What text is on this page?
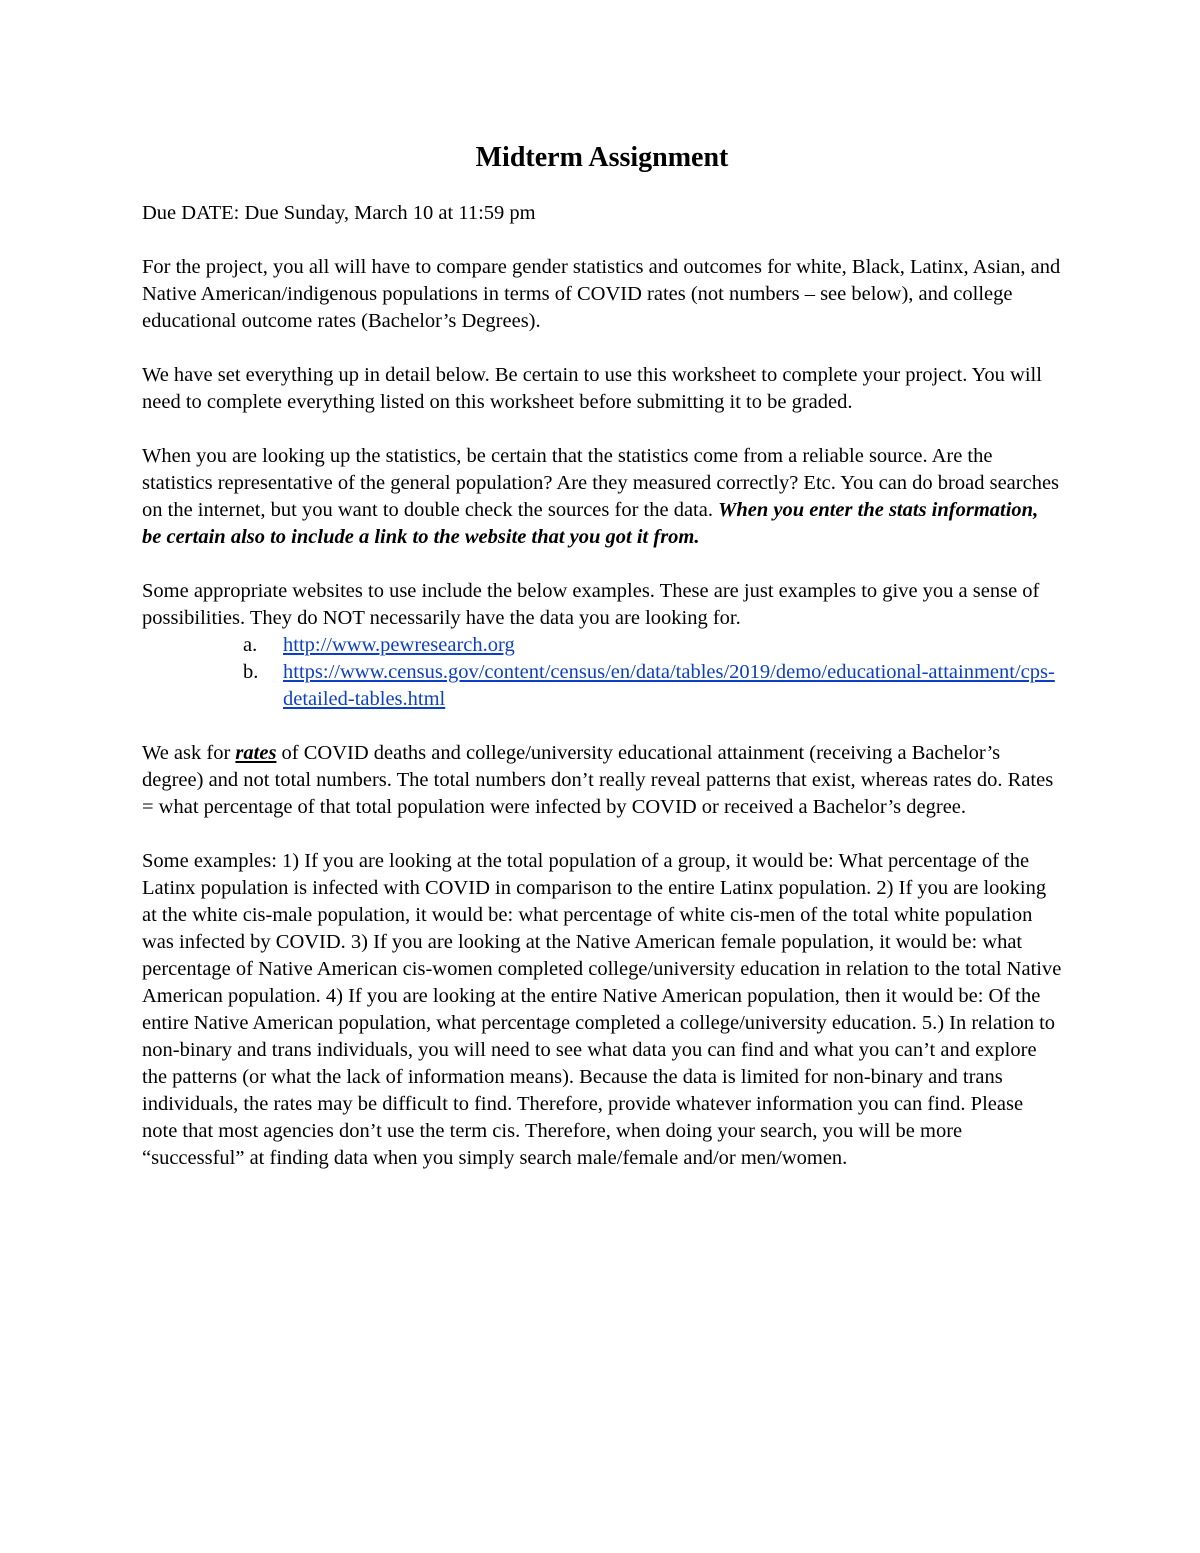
Midterm Assignment

Due DATE: Due Sunday, March 10 at 11:59 pm

For the project, you all will have to compare gender statistics and outcomes for white, Black, Latinx, Asian, and Native American/indigenous populations in terms of COVID rates (not numbers – see below), and college educational outcome rates (Bachelor’s Degrees).

We have set everything up in detail below. Be certain to use this worksheet to complete your project. You will need to complete everything listed on this worksheet before submitting it to be graded.

When you are looking up the statistics, be certain that the statistics come from a reliable source. Are the statistics representative of the general population? Are they measured correctly? Etc. You can do broad searches on the internet, but you want to double check the sources for the data. When you enter the stats information, be certain also to include a link to the website that you got it from.

Some appropriate websites to use include the below examples. These are just examples to give you a sense of possibilities. They do NOT necessarily have the data you are looking for.

a. http://www.pewresearch.org
b. https://www.census.gov/content/census/en/data/tables/2019/demo/educational-attainment/cps-detailed-tables.html

We ask for rates of COVID deaths and college/university educational attainment (receiving a Bachelor’s degree) and not total numbers. The total numbers don’t really reveal patterns that exist, whereas rates do. Rates = what percentage of that total population were infected by COVID or received a Bachelor’s degree.

Some examples: 1) If you are looking at the total population of a group, it would be: What percentage of the Latinx population is infected with COVID in comparison to the entire Latinx population. 2) If you are looking at the white cis-male population, it would be: what percentage of white cis-men of the total white population was infected by COVID. 3) If you are looking at the Native American female population, it would be: what percentage of Native American cis-women completed college/university education in relation to the total Native American population. 4) If you are looking at the entire Native American population, then it would be: Of the entire Native American population, what percentage completed a college/university education. 5.) In relation to non-binary and trans individuals, you will need to see what data you can find and what you can’t and explore the patterns (or what the lack of information means). Because the data is limited for non-binary and trans individuals, the rates may be difficult to find. Therefore, provide whatever information you can find. Please note that most agencies don’t use the term cis. Therefore, when doing your search, you will be more “successful” at finding data when you simply search male/female and/or men/women.
